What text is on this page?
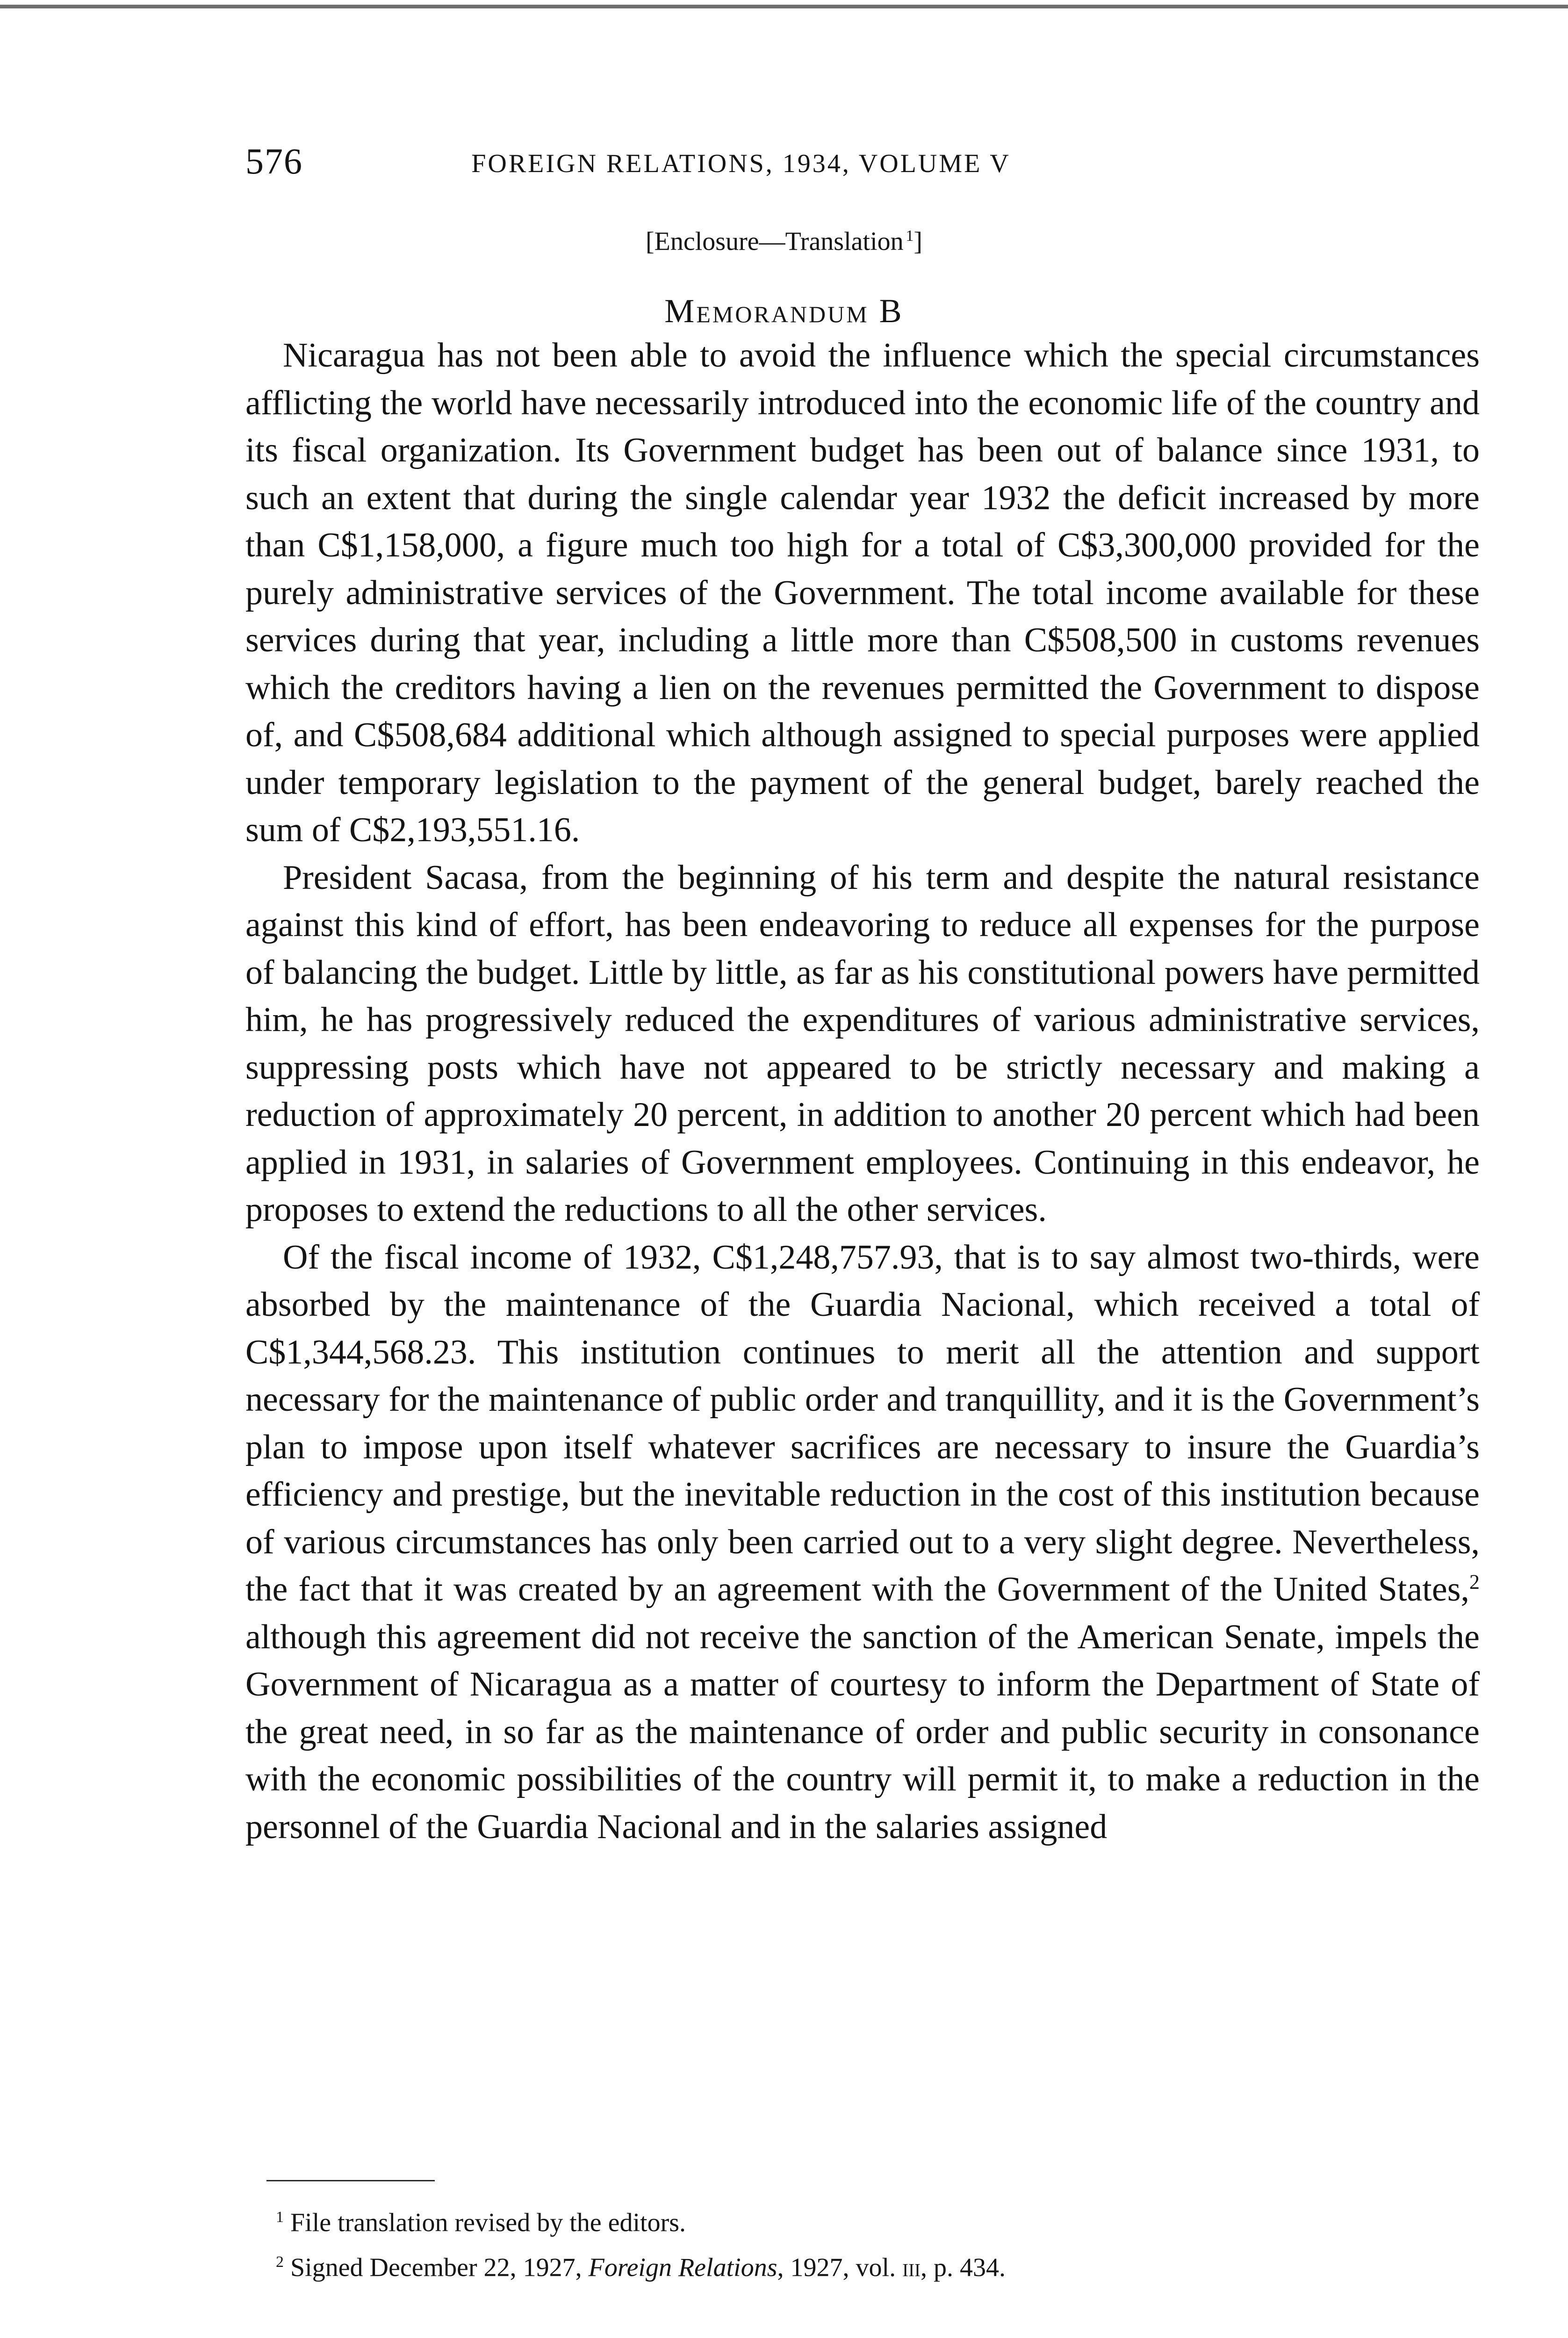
576	FOREIGN RELATIONS, 1934, VOLUME V
[Enclosure—Translation  $^1$]
Memorandum B

Nicaragua has not been able to avoid the influence which the special circumstances afflicting the world have necessarily introduced into the economic life of the country and its fiscal organization. Its Government budget has been out of balance since 1931, to such an extent that during the single calendar year 1932 the deficit increased by more than C$1,158,000, a figure much too high for a total of C$3,300,000 provided for the purely administrative services of the Government. The total income available for these services during that year, including a little more than C$508,500 in customs revenues which the creditors having a lien on the revenues permitted the Government to dispose of, and C$508,684 additional which although assigned to special purposes were applied under temporary legislation to the payment of the general budget, barely reached the sum of C$2,193,551.16.

President Sacasa, from the beginning of his term and despite the natural resistance against this kind of effort, has been endeavoring to reduce all expenses for the purpose of balancing the budget. Little by little, as far as his constitutional powers have permitted him, he has progressively reduced the expenditures of various administrative services, suppressing posts which have not appeared to be strictly necessary and making a reduction of approximately 20 percent, in addition to another 20 percent which had been applied in 1931, in salaries of Government employees. Continuing in this endeavor, he proposes to extend the reductions to all the other services.

Of the fiscal income of 1932, C$1,248,757.93, that is to say almost two-thirds, were absorbed by the maintenance of the Guardia Nacional, which received a total of C$1,344,568.23. This institution continues to merit all the attention and support necessary for the maintenance of public order and tranquillity, and it is the Government’s plan to impose upon itself whatever sacrifices are necessary to insure the Guardia’s efficiency and prestige, but the inevitable reduction in the cost of this institution because of various circumstances has only been carried out to a very slight degree. Nevertheless, the fact that it was created by an agreement with the Government of the United States,$^2$ although this agreement did not receive the sanction of the American Senate, impels the Government of Nicaragua as a matter of courtesy to inform the Department of State of the great need, in so far as the maintenance of order and public security in consonance with the economic possibilities of the country will permit it, to make a reduction in the personnel of the Guardia Nacional and in the salaries assigned

$^1$ File translation revised by the editors.

$^2$ Signed December 22, 1927, Foreign Relations, 1927, vol. iii, p. 434.
